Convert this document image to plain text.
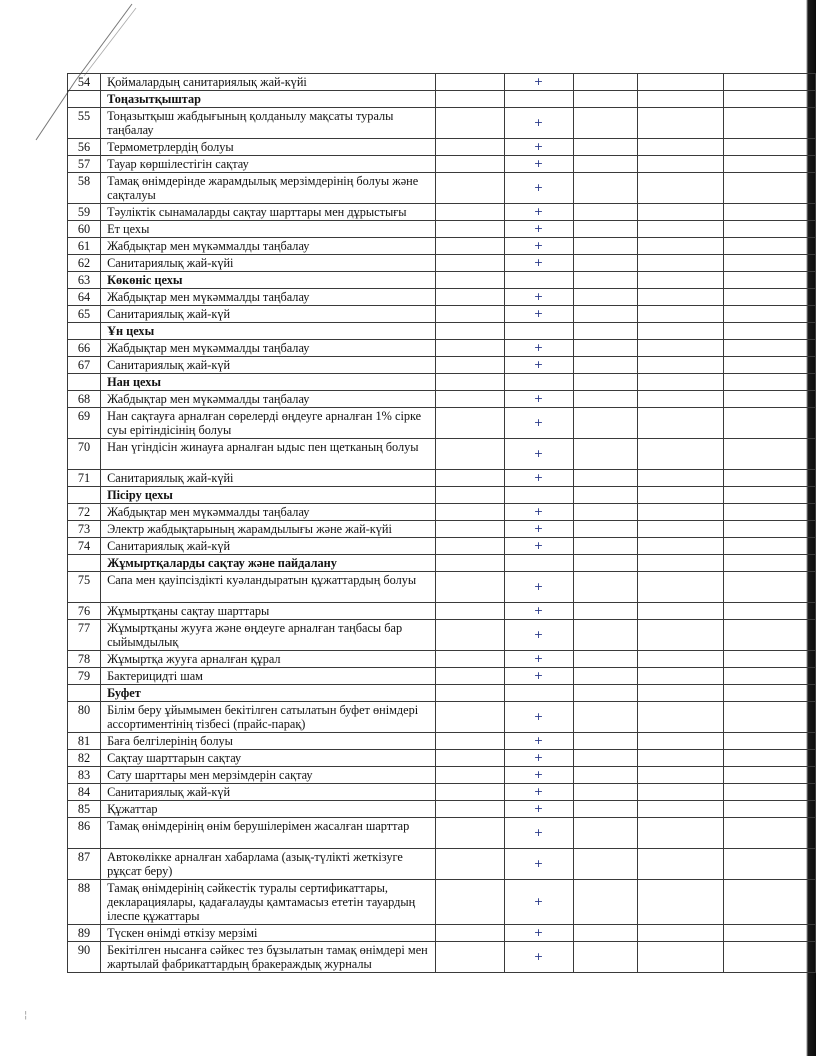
54	Қоймалардың санитариялық жай-күйі		+			
	Тоңазытқыштар					
55	Тоңазытқыш жабдығының қолданылу мақсаты туралы таңбалау		+			
56	Термометрлердің болуы		+			
57	Тауар көршілестігін сақтау		+			
58	Тамақ өнімдерінде жарамдылық мерзімдерінің болуы және сақталуы		+			
59	Тәуліктік сынамаларды сақтау шарттары мен дұрыстығы		+			
60	Ет цехы		+			
61	Жабдықтар мен мүкәммалды таңбалау		+			
62	Санитариялық жай-күйі		+			
63	Көкөніс цехы					
64	Жабдықтар мен мүкәммалды таңбалау		+			
65	Санитариялық жай-күй		+			
	Ұн цехы					
66	Жабдықтар мен мүкәммалды таңбалау		+			
67	Санитариялық жай-күй		+			
	Нан цехы					
68	Жабдықтар мен мүкәммалды таңбалау		+			
69	Нан сақтауға арналған сөрелерді өңдеуге арналған 1% сірке суы ерітіндісінің болуы		+			
70	Нан үгіндісін жинауға арналған ыдыс пен щетканың болуы		+			
71	Санитариялық жай-күйі		+			
	Пісіру цехы					
72	Жабдықтар мен мүкәммалды таңбалау		+			
73	Электр жабдықтарының жарамдылығы және жай-күйі		+			
74	Санитариялық жай-күй		+			
	Жұмыртқаларды сақтау және пайдалану					
75	Сапа мен қауіпсіздікті куәландыратын құжаттардың болуы		+			
76	Жұмыртқаны сақтау шарттары		+			
77	Жұмыртқаны жууға және өңдеуге арналған таңбасы бар сыйымдылық		+			
78	Жұмыртқа жууға арналған құрал		+			
79	Бактерицидті шам		+			
	Буфет					
80	Білім беру ұйымымен бекітілген сатылатын буфет өнімдері ассортиментінің тізбесі (прайс-парақ)		+			
81	Баға белгілерінің болуы		+			
82	Сақтау шарттарын сақтау		+			
83	Сату шарттары мен мерзімдерін сақтау		+			
84	Санитариялық жай-күй		+			
85	Құжаттар		+			
86	Тамақ өнімдерінің өнім берушілерімен жасалған шарттар		+			
87	Автокөлікке арналған хабарлама (азық-түлікті жеткізуге рұқсат беру)		+			
88	Тамақ өнімдерінің сәйкестік туралы сертификаттары, декларациялары, қадағалауды қамтамасыз ететін тауардың ілеспе құжаттары		+			
89	Түскен өнімді өткізу мерзімі		+			
90	Бекітілген нысанға сәйкес тез бұзылатын тамақ өнімдері мен жартылай фабрикаттардың бракераждық журналы		+			
¦
